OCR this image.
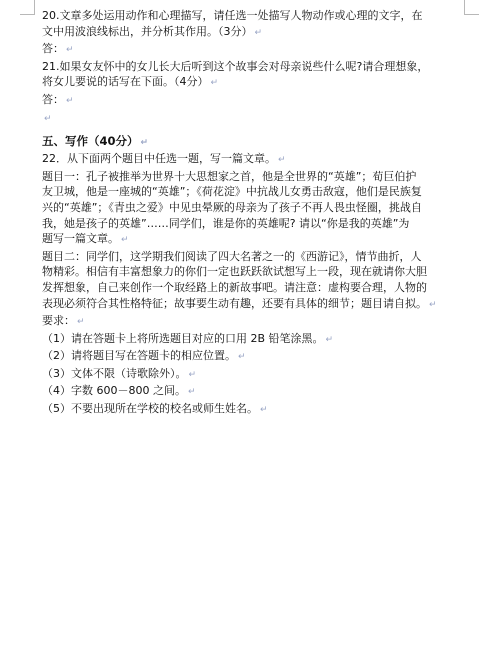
20.文章多处运用动作和心理描写，请任选一处描写人物动作或心理的文字，在
文中用波浪线标出，并分析其作用。（3分） ↵
答： ↵
21.如果女友怀中的女儿长大后听到这个故事会对母亲说些什么呢?请合理想象，
将女儿要说的话写在下面。（4分） ↵
答： ↵
↵
五、写作（40分） ↵
22．从下面两个题目中任选一题，写一篇文章。 ↵
题目一：孔子被推举为世界十大思想家之首，他是全世界的“英雄”；荀巨伯护
友卫城，他是一座城的“英雄”；《荷花淀》中抗战儿女勇击敌寇，他们是民族复
兴的“英雄”；《青虫之爱》中见虫晕厥的母亲为了孩子不再人畏虫怪圈，挑战自
我，她是孩子的英雄”……同学们，谁是你的英雄呢? 请以“你是我的英雄”为
题写一篇文章。 ↵
题目二：同学们，这学期我们阅读了四大名著之一的《西游记》，情节曲折，人
物精彩。相信有丰富想象力的你们一定也跃跃欲试想写上一段，现在就请你大胆
发挥想象，自己来创作一个取经路上的新故事吧。请注意：虚构要合理，人物的
表现必须符合其性格特征；故事要生动有趣，还要有具体的细节；题目请自拟。 ↵
要求： ↵
（1）请在答题卡上将所选题目对应的口用 2B 铅笔涂黑。 ↵
（2）请将题目写在答题卡的相应位置。 ↵
（3）文体不限（诗歌除外）。 ↵
（4）字数 600－800 之间。 ↵
（5）不要出现所在学校的校名或师生姓名。 ↵
